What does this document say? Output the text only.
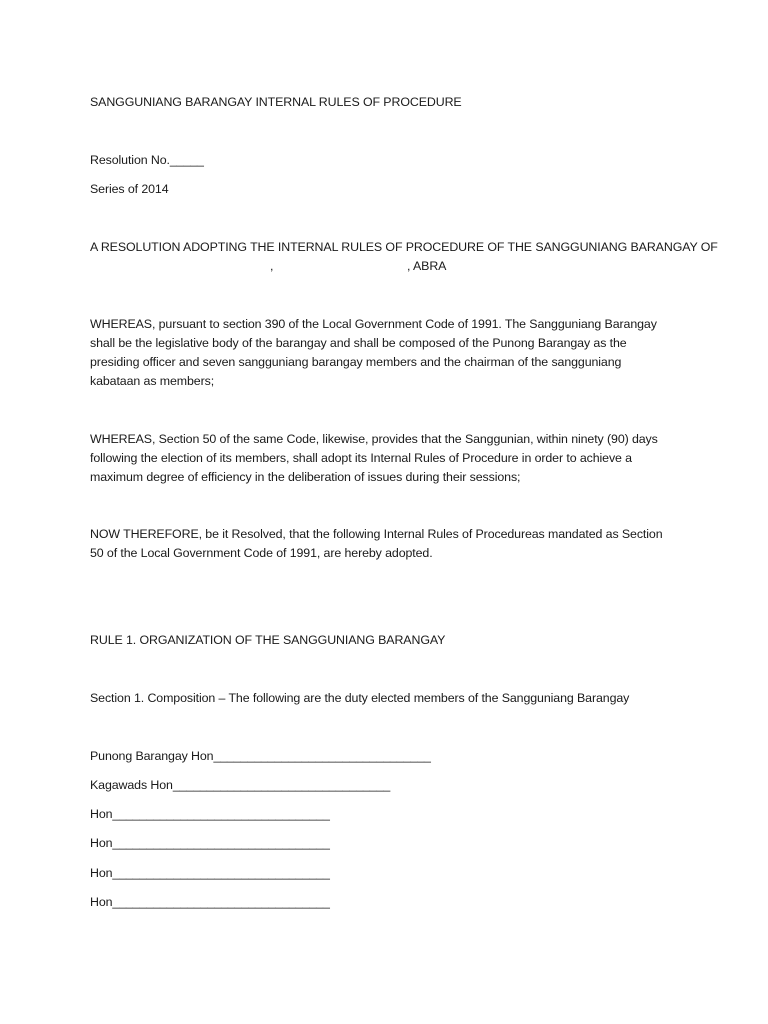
SANGGUNIANG BARANGAY INTERNAL RULES OF PROCEDURE
Resolution No._____
Series of 2014
A RESOLUTION ADOPTING THE INTERNAL RULES OF PROCEDURE OF THE SANGGUNIANG BARANGAY OF
,	, ABRA
WHEREAS, pursuant to section 390 of the Local Government Code of 1991. The Sangguniang Barangay
shall be the legislative body of the barangay and shall be composed of the Punong Barangay as the
presiding officer and seven sangguniang barangay members and the chairman of the sangguniang
kabataan as members;
WHEREAS, Section 50 of the same Code, likewise, provides that the Sanggunian, within ninety (90) days
following the election of its members, shall adopt its Internal Rules of Procedure in order to achieve a
maximum degree of efficiency in the deliberation of issues during their sessions;
NOW THEREFORE, be it Resolved, that the following Internal Rules of Procedureas mandated as Section
50 of the Local Government Code of 1991, are hereby adopted.
RULE 1. ORGANIZATION OF THE SANGGUNIANG BARANGAY
Section 1. Composition – The following are the duty elected members of the Sangguniang Barangay
Punong Barangay Hon________________________________
Kagawads Hon________________________________
Hon________________________________
Hon________________________________
Hon________________________________
Hon________________________________
